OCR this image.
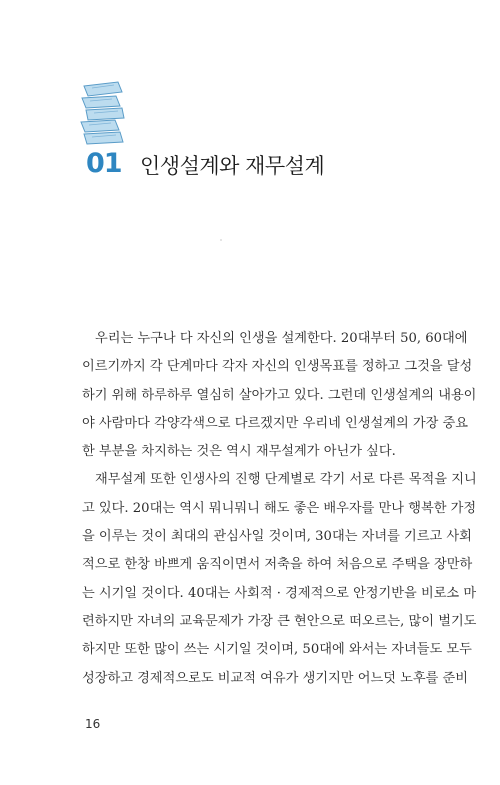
01 인생설계와 재무설계
우리는 누구나 다 자신의 인생을 설계한다. 20대부터 50, 60대에
이르기까지 각 단계마다 각자 자신의 인생목표를 정하고 그것을 달성
하기 위해 하루하루 열심히 살아가고 있다. 그런데 인생설계의 내용이
야 사람마다 각양각색으로 다르겠지만 우리네 인생설계의 가장 중요
한 부분을 차지하는 것은 역시 재무설계가 아닌가 싶다.
재무설계 또한 인생사의 진행 단계별로 각기 서로 다른 목적을 지니
고 있다. 20대는 역시 뭐니뭐니 해도 좋은 배우자를 만나 행복한 가정
을 이루는 것이 최대의 관심사일 것이며, 30대는 자녀를 기르고 사회
적으로 한창 바쁘게 움직이면서 저축을 하여 처음으로 주택을 장만하
는 시기일 것이다. 40대는 사회적 · 경제적으로 안정기반을 비로소 마
련하지만 자녀의 교육문제가 가장 큰 현안으로 떠오르는, 많이 벌기도
하지만 또한 많이 쓰는 시기일 것이며, 50대에 와서는 자녀들도 모두
성장하고 경제적으로도 비교적 여유가 생기지만 어느덧 노후를 준비
16
